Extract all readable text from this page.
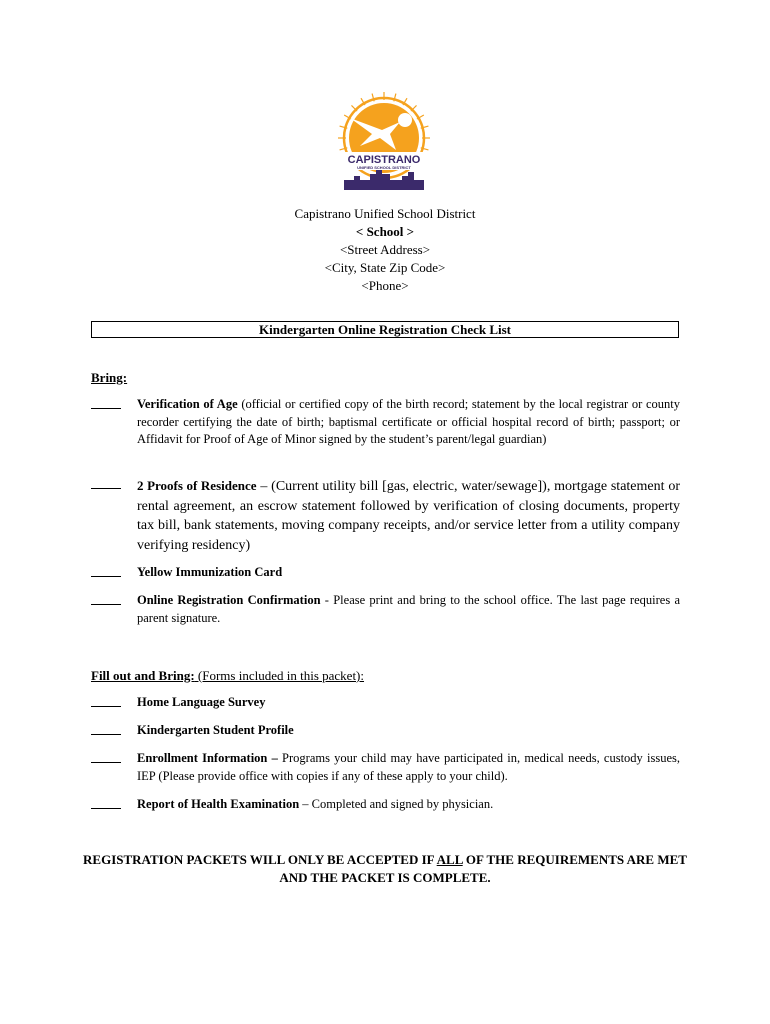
CAPISTRANO
UNIFIED SCHOOL DISTRICT
Capistrano Unified School District
< School >
<Street Address>
<City, State Zip Code>
<Phone>
Kindergarten Online Registration Check List
Bring:
Verification of Age (official or certified copy of the birth record; statement by the local registrar or county recorder certifying the date of birth; baptismal certificate or official hospital record of birth; passport; or Affidavit for Proof of Age of Minor signed by the student’s parent/legal guardian)
2 Proofs of Residence – (Current utility bill [gas, electric, water/sewage]), mortgage statement or rental agreement, an escrow statement followed by verification of closing documents, property tax bill, bank statements, moving company receipts, and/or service letter from a utility company verifying residency)
Yellow Immunization Card
Online Registration Confirmation - Please print and bring to the school office. The last page requires a parent signature.
Fill out and Bring: (Forms included in this packet):
Home Language Survey
Kindergarten Student Profile
Enrollment Information – Programs your child may have participated in, medical needs, custody issues, IEP (Please provide office with copies if any of these apply to your child).
Report of Health Examination – Completed and signed by physician.
REGISTRATION PACKETS WILL ONLY BE ACCEPTED IF ALL OF THE REQUIREMENTS ARE MET AND THE PACKET IS COMPLETE.
